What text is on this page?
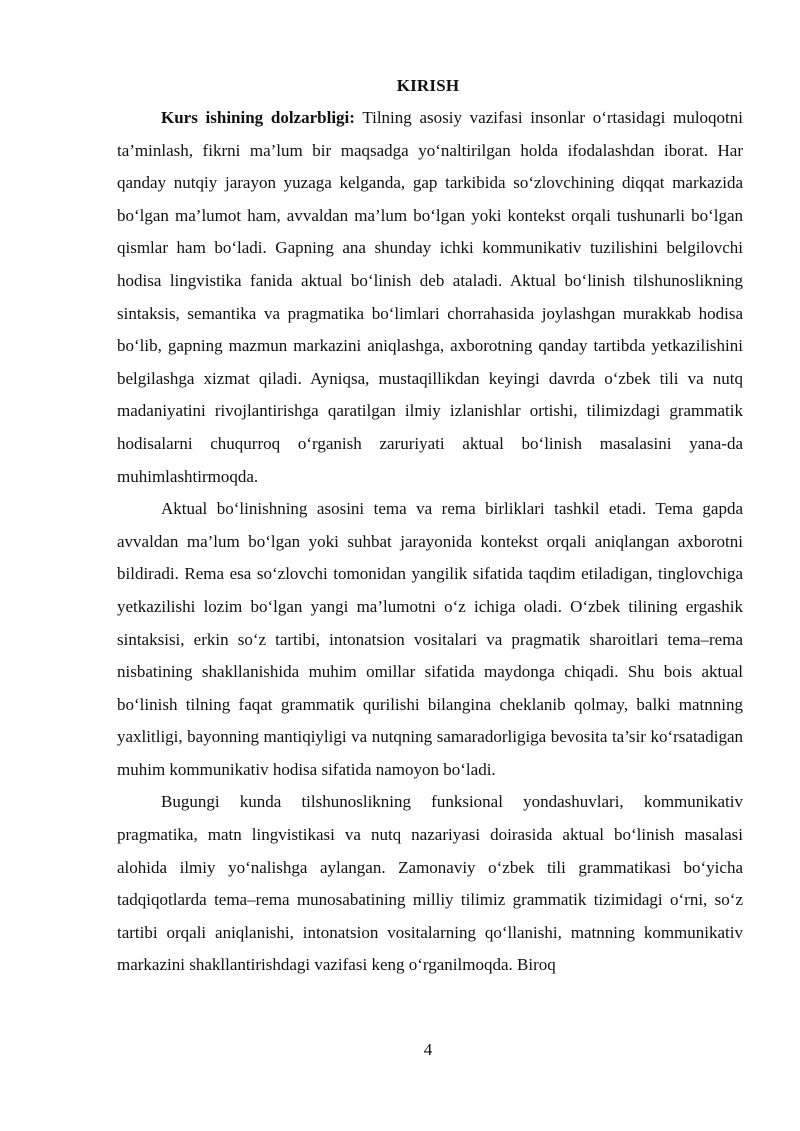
KIRISH

Kurs ishining dolzarbligi: Tilning asosiy vazifasi insonlar o‘rtasidagi muloqotni ta’minlash, fikrni ma’lum bir maqsadga yo‘naltirilgan holda ifodalashdan iborat. Har qanday nutqiy jarayon yuzaga kelganda, gap tarkibida so‘zlovchining diqqat markazida bo‘lgan ma’lumot ham, avvaldan ma’lum bo‘lgan yoki kontekst orqali tushunarli bo‘lgan qismlar ham bo‘ladi. Gapning ana shunday ichki kommunikativ tuzilishini belgilovchi hodisa lingvistika fanida aktual bo‘linish deb ataladi. Aktual bo‘linish tilshunoslikning sintaksis, semantika va pragmatika bo‘limlari chorrahasida joylashgan murakkab hodisa bo‘lib, gapning mazmun markazini aniqlashga, axborotning qanday tartibda yetkazilishini belgilashga xizmat qiladi. Ayniqsa, mustaqillikdan keyingi davrda o‘zbek tili va nutq madaniyatini rivojlantirishga qaratilgan ilmiy izlanishlar ortishi, tilimizdagi grammatik hodisalarni chuqurroq o‘rganish zaruriyati aktual bo‘linish masalasini yana-da muhimlashtirmoqda.

Aktual bo‘linishning asosini tema va rema birliklari tashkil etadi. Tema gapda avvaldan ma’lum bo‘lgan yoki suhbat jarayonida kontekst orqali aniqlangan axborotni bildiradi. Rema esa so‘zlovchi tomonidan yangilik sifatida taqdim etiladigan, tinglovchiga yetkazilishi lozim bo‘lgan yangi ma’lumotni o‘z ichiga oladi. O‘zbek tilining ergashik sintaksisi, erkin so‘z tartibi, intonatsion vositalari va pragmatik sharoitlari tema–rema nisbatining shakllanishida muhim omillar sifatida maydonga chiqadi. Shu bois aktual bo‘linish tilning faqat grammatik qurilishi bilangina cheklanib qolmay, balki matnning yaxlitligi, bayonning mantiqiyligi va nutqning samaradorligiga bevosita ta’sir ko‘rsatadigan muhim kommunikativ hodisa sifatida namoyon bo‘ladi.

Bugungi kunda tilshunoslikning funksional yondashuvlari, kommunikativ pragmatika, matn lingvistikasi va nutq nazariyasi doirasida aktual bo‘linish masalasi alohida ilmiy yo‘nalishga aylangan. Zamonaviy o‘zbek tili grammatikasi bo‘yicha tadqiqotlarda tema–rema munosabatining milliy tilimiz grammatik tizimidagi o‘rni, so‘z tartibi orqali aniqlanishi, intonatsion vositalarning qo‘llanishi, matnning kommunikativ markazini shakllantirishdagi vazifasi keng o‘rganilmoqda. Biroq

4
